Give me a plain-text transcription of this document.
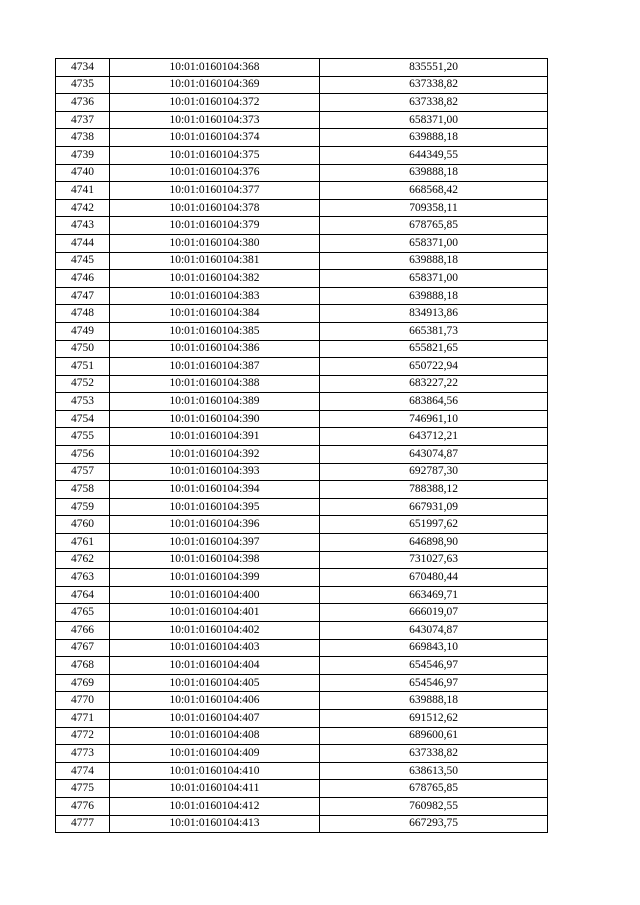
4734	10:01:0160104:368	835551,20
4735	10:01:0160104:369	637338,82
4736	10:01:0160104:372	637338,82
4737	10:01:0160104:373	658371,00
4738	10:01:0160104:374	639888,18
4739	10:01:0160104:375	644349,55
4740	10:01:0160104:376	639888,18
4741	10:01:0160104:377	668568,42
4742	10:01:0160104:378	709358,11
4743	10:01:0160104:379	678765,85
4744	10:01:0160104:380	658371,00
4745	10:01:0160104:381	639888,18
4746	10:01:0160104:382	658371,00
4747	10:01:0160104:383	639888,18
4748	10:01:0160104:384	834913,86
4749	10:01:0160104:385	665381,73
4750	10:01:0160104:386	655821,65
4751	10:01:0160104:387	650722,94
4752	10:01:0160104:388	683227,22
4753	10:01:0160104:389	683864,56
4754	10:01:0160104:390	746961,10
4755	10:01:0160104:391	643712,21
4756	10:01:0160104:392	643074,87
4757	10:01:0160104:393	692787,30
4758	10:01:0160104:394	788388,12
4759	10:01:0160104:395	667931,09
4760	10:01:0160104:396	651997,62
4761	10:01:0160104:397	646898,90
4762	10:01:0160104:398	731027,63
4763	10:01:0160104:399	670480,44
4764	10:01:0160104:400	663469,71
4765	10:01:0160104:401	666019,07
4766	10:01:0160104:402	643074,87
4767	10:01:0160104:403	669843,10
4768	10:01:0160104:404	654546,97
4769	10:01:0160104:405	654546,97
4770	10:01:0160104:406	639888,18
4771	10:01:0160104:407	691512,62
4772	10:01:0160104:408	689600,61
4773	10:01:0160104:409	637338,82
4774	10:01:0160104:410	638613,50
4775	10:01:0160104:411	678765,85
4776	10:01:0160104:412	760982,55
4777	10:01:0160104:413	667293,75
